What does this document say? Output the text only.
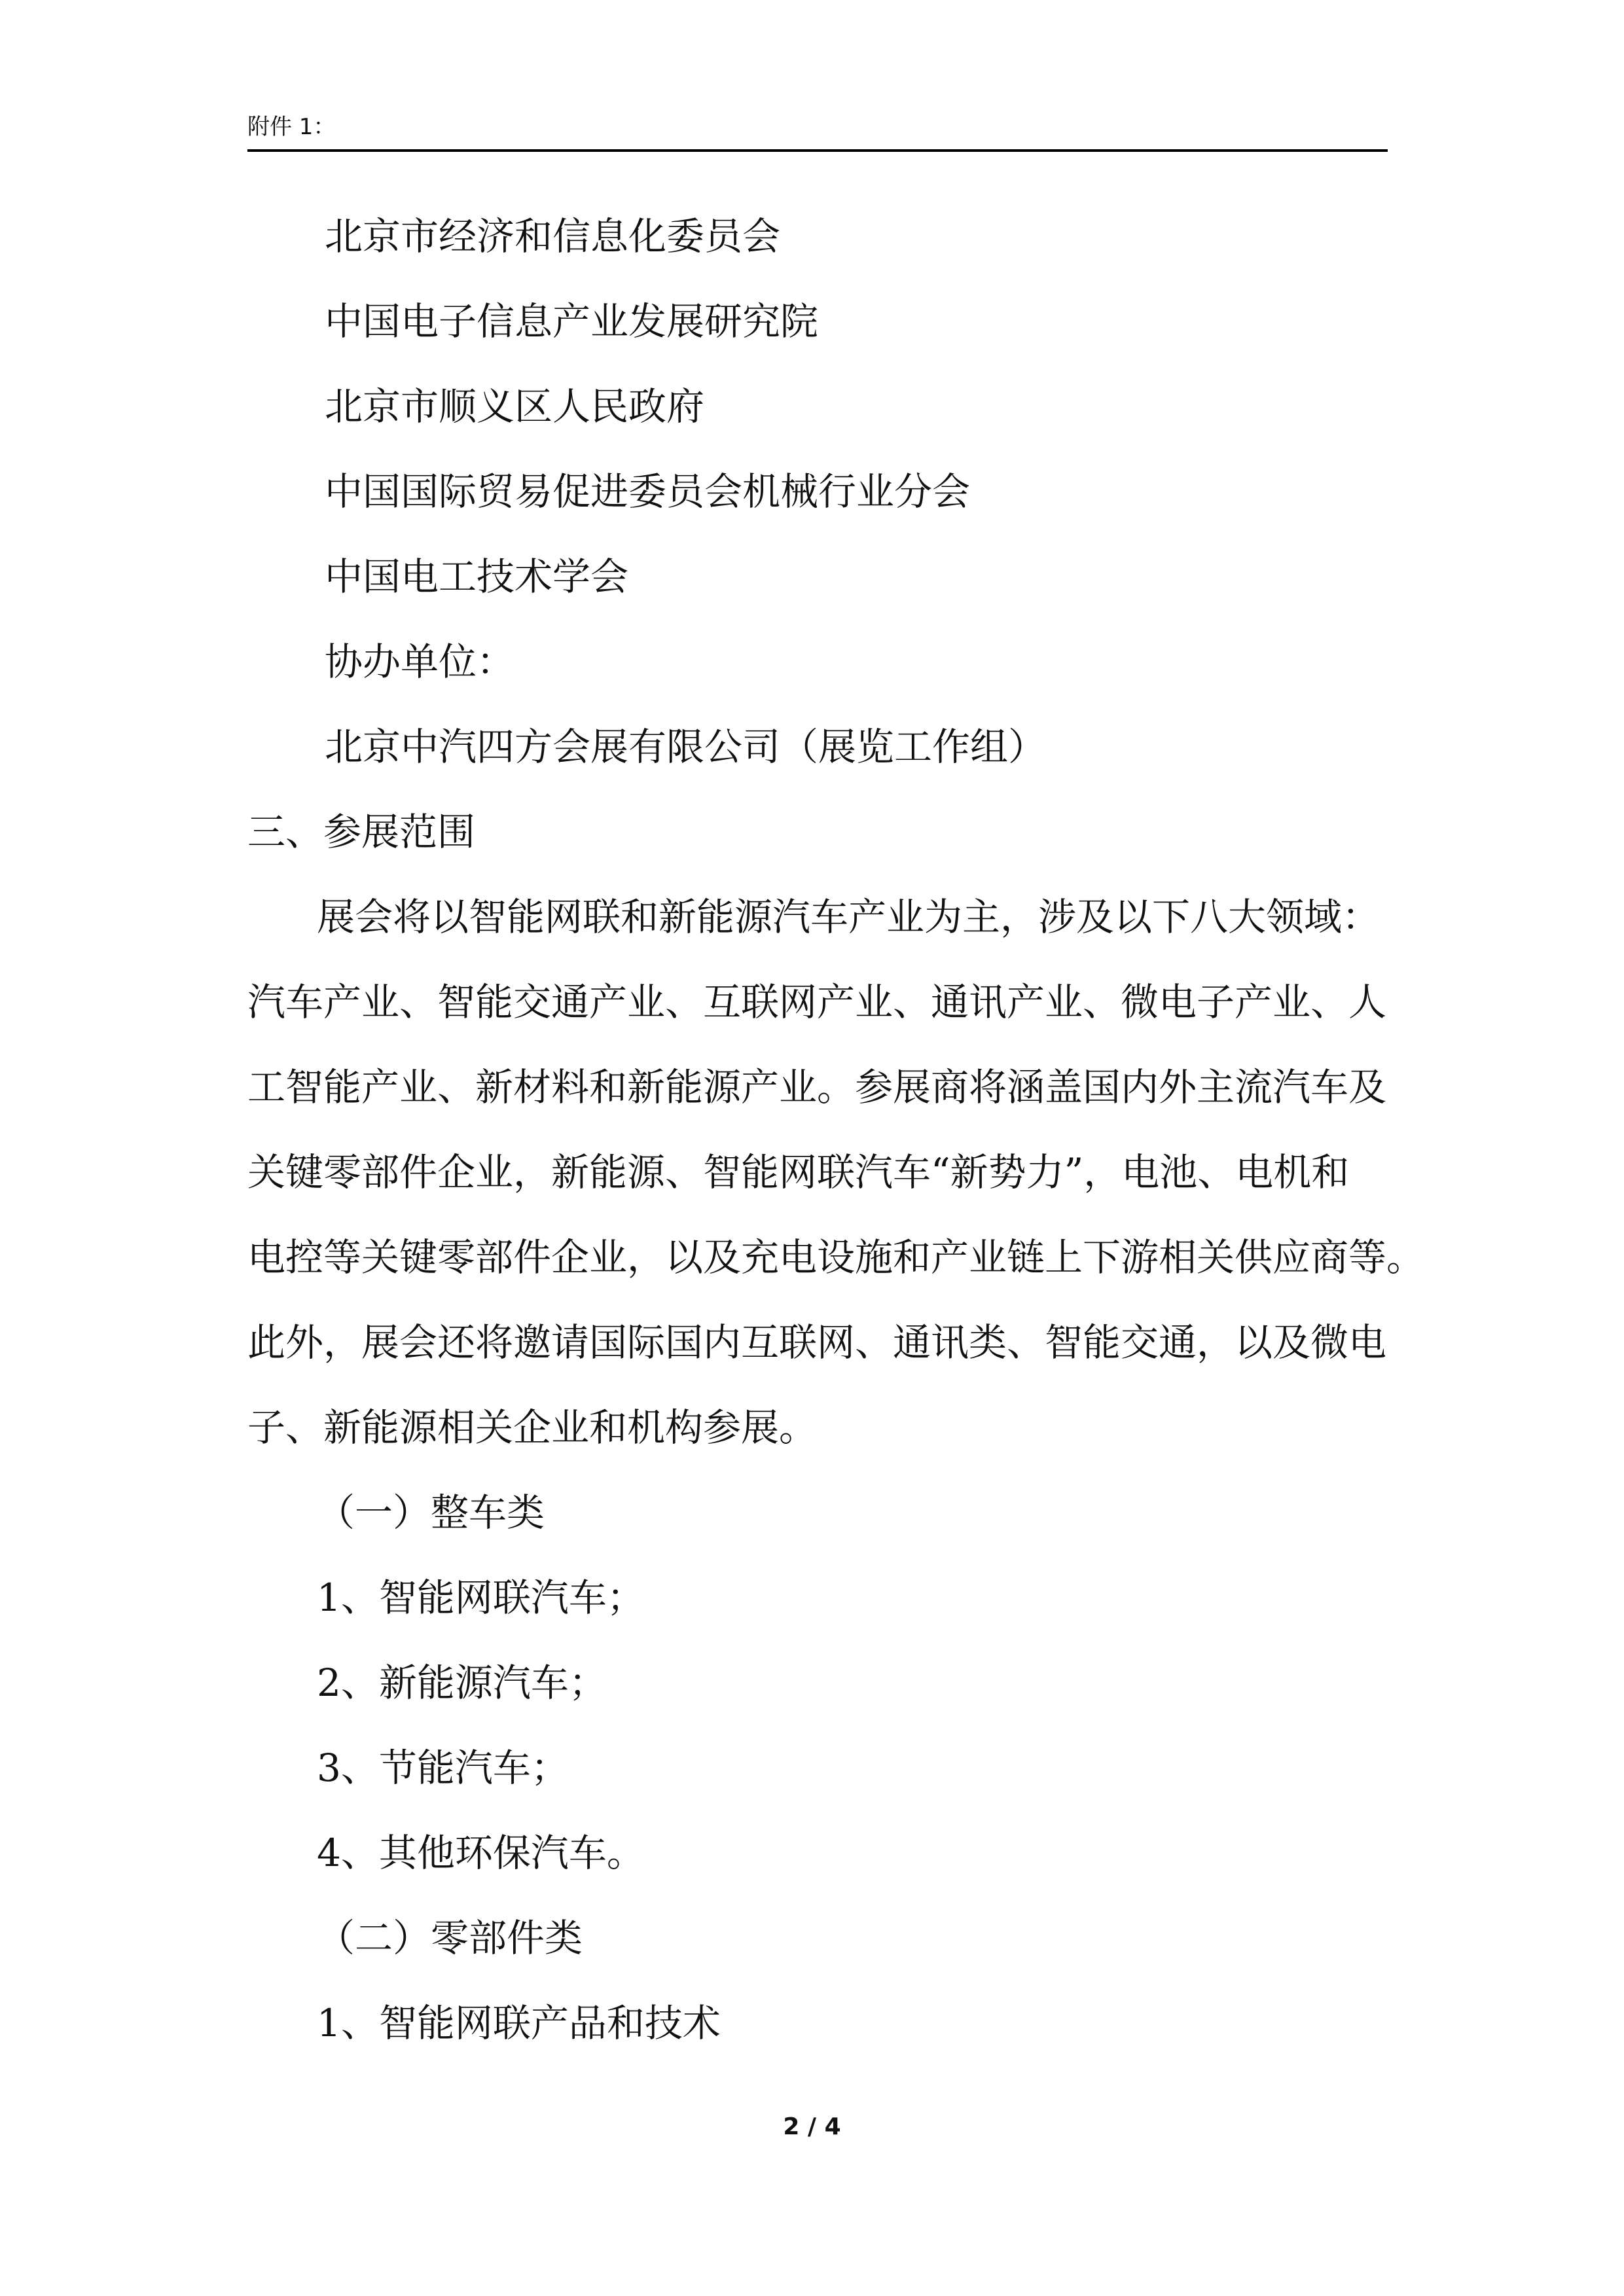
附件 1：
北京市经济和信息化委员会
中国电子信息产业发展研究院
北京市顺义区人民政府
中国国际贸易促进委员会机械行业分会
中国电工技术学会
协办单位：
北京中汽四方会展有限公司（展览工作组）
三、参展范围
展会将以智能网联和新能源汽车产业为主，涉及以下八大领域：
汽车产业、智能交通产业、互联网产业、通讯产业、微电子产业、人
工智能产业、新材料和新能源产业。参展商将涵盖国内外主流汽车及
关键零部件企业，新能源、智能网联汽车“新势力”，电池、电机和
电控等关键零部件企业，以及充电设施和产业链上下游相关供应商等。
此外，展会还将邀请国际国内互联网、通讯类、智能交通，以及微电
子、新能源相关企业和机构参展。
（一）整车类
1、智能网联汽车；
2、新能源汽车；
3、节能汽车；
4、其他环保汽车。
（二）零部件类
1、智能网联产品和技术
2 / 4
